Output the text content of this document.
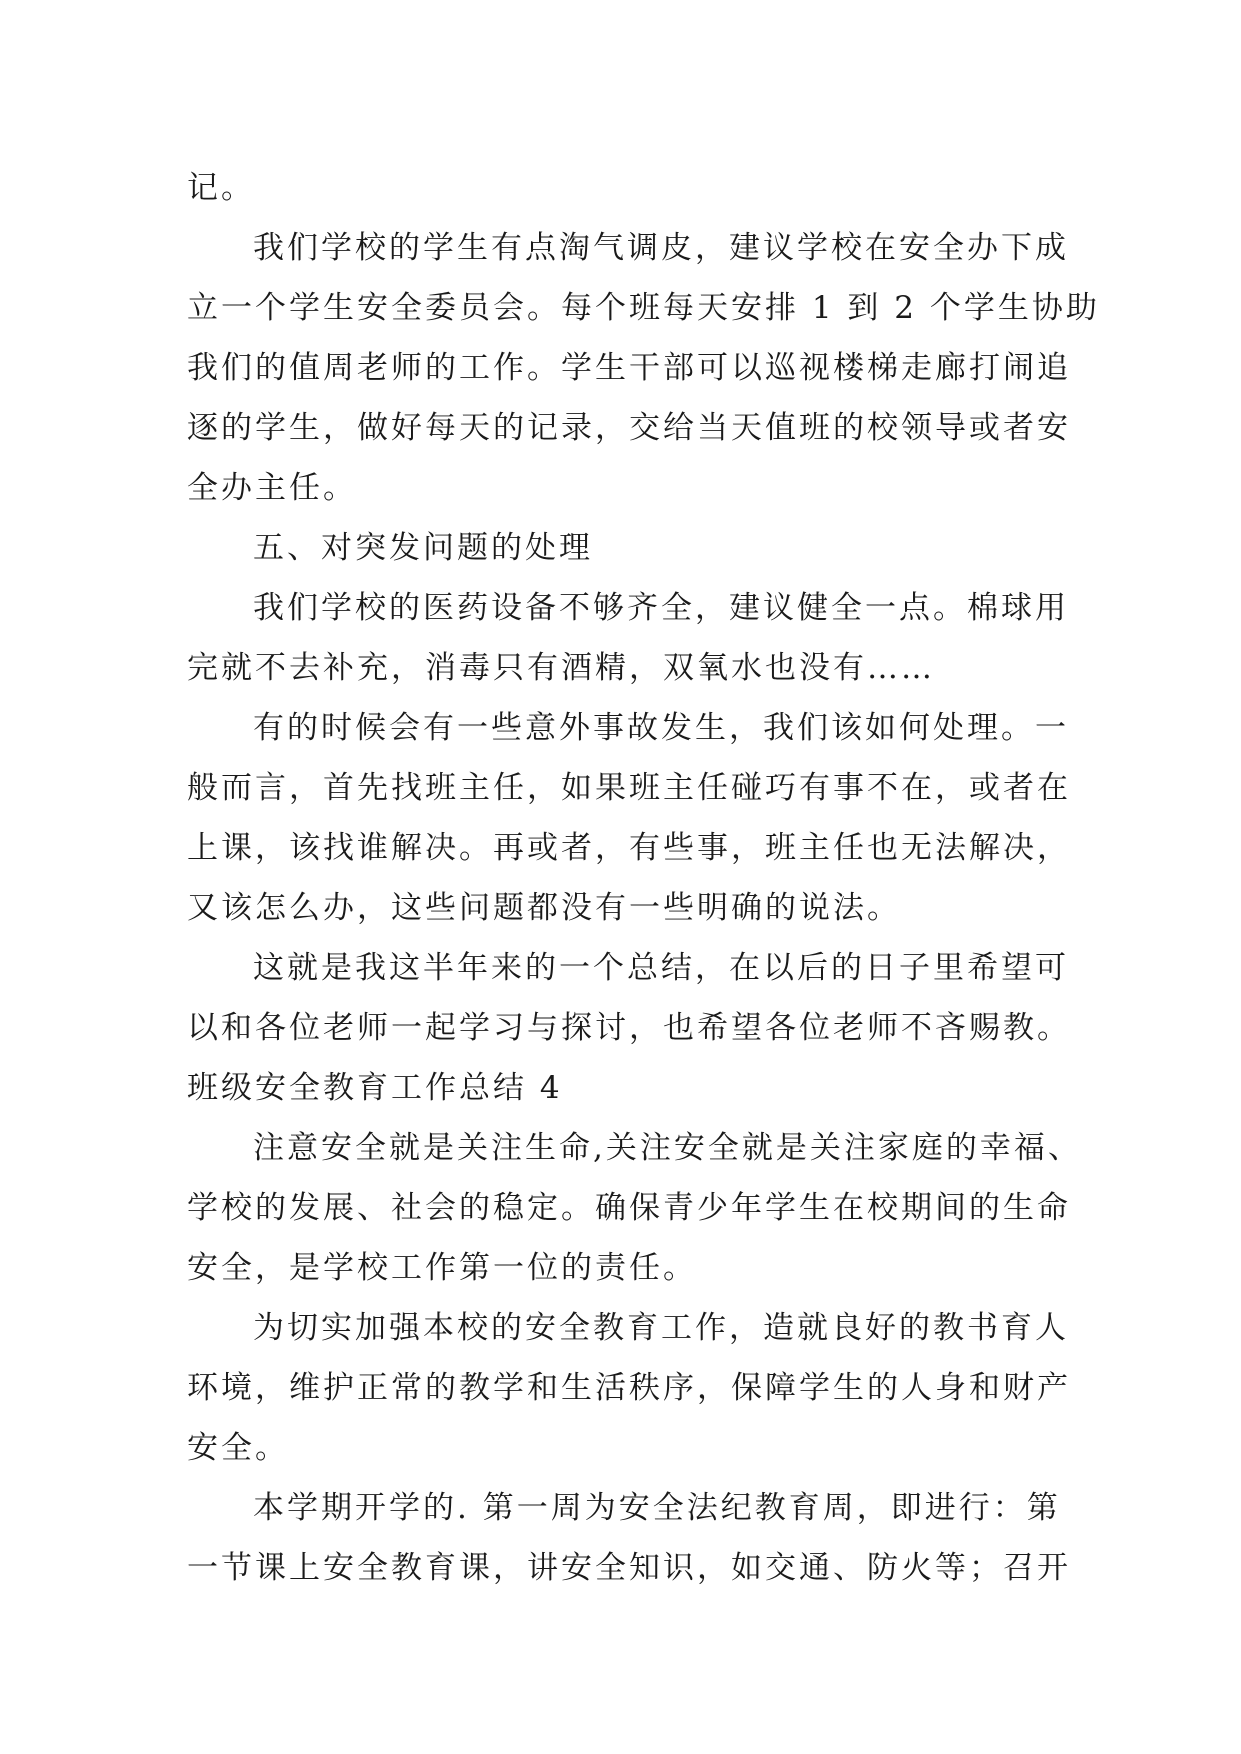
记。
我们学校的学生有点淘气调皮，建议学校在安全办下成
立一个学生安全委员会。每个班每天安排 1 到 2 个学生协助
我们的值周老师的工作。学生干部可以巡视楼梯走廊打闹追
逐的学生，做好每天的记录，交给当天值班的校领导或者安
全办主任。
五、对突发问题的处理
我们学校的医药设备不够齐全，建议健全一点。棉球用
完就不去补充，消毒只有酒精，双氧水也没有……
有的时候会有一些意外事故发生，我们该如何处理。一
般而言，首先找班主任，如果班主任碰巧有事不在，或者在
上课，该找谁解决。再或者，有些事，班主任也无法解决，
又该怎么办，这些问题都没有一些明确的说法。
这就是我这半年来的一个总结，在以后的日子里希望可
以和各位老师一起学习与探讨，也希望各位老师不吝赐教。
班级安全教育工作总结 4
注意安全就是关注生命,关注安全就是关注家庭的幸福、
学校的发展、社会的稳定。确保青少年学生在校期间的生命
安全，是学校工作第一位的责任。
为切实加强本校的安全教育工作，造就良好的教书育人
环境，维护正常的教学和生活秩序，保障学生的人身和财产
安全。
本学期开学的. 第一周为安全法纪教育周，即进行：第
一节课上安全教育课，讲安全知识，如交通、防火等；召开
